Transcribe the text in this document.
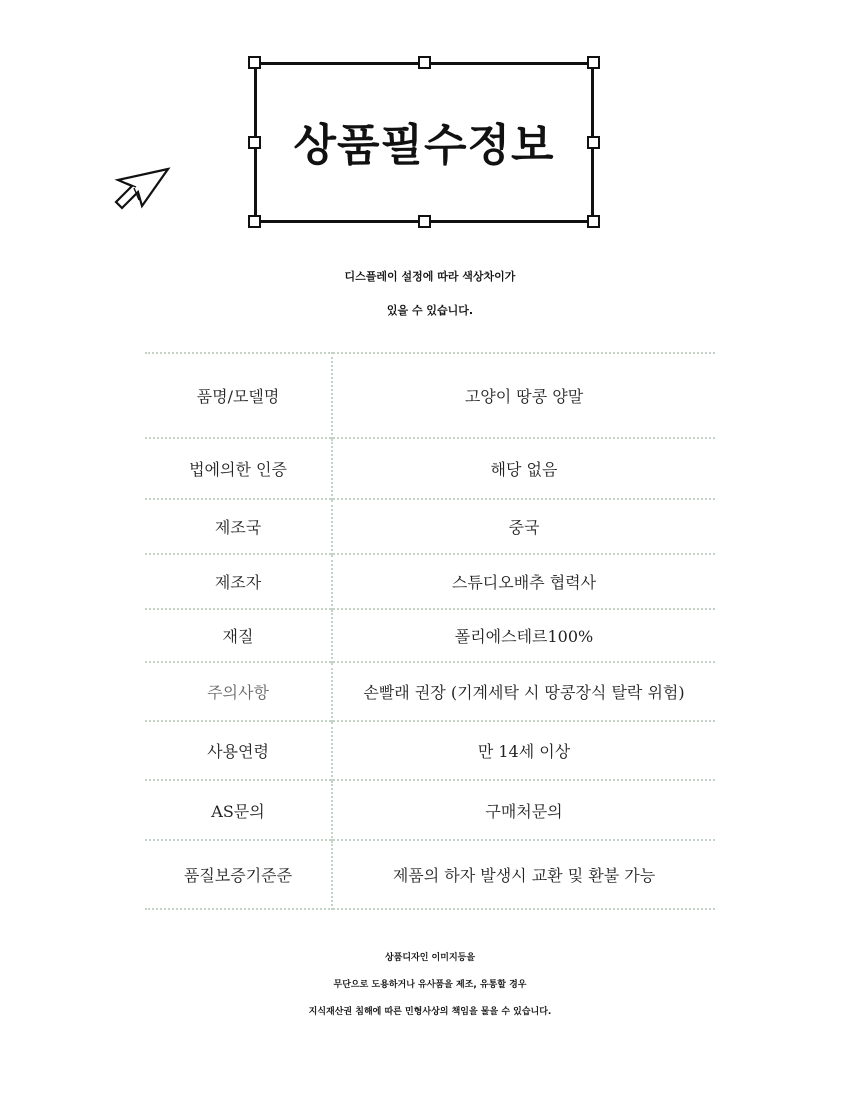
상품필수정보
디스플레이 설정에 따라 색상차이가
있을 수 있습니다.
품명/모델명	고양이 땅콩 양말
법에의한 인증	해당 없음
제조국	중국
제조자	스튜디오배추 협력사
재질	폴리에스테르100%
주의사항	손빨래 권장 (기계세탁 시 땅콩장식 탈락 위험)
사용연령	만 14세 이상
AS문의	구매처문의
품질보증기준준	제품의 하자 발생시 교환 및 환불 가능
상품디자인 이미지등을
무단으로 도용하거나 유사품을 제조, 유통할 경우
지식재산권 침해에 따른 민형사상의 책임을 물을 수 있습니다.
